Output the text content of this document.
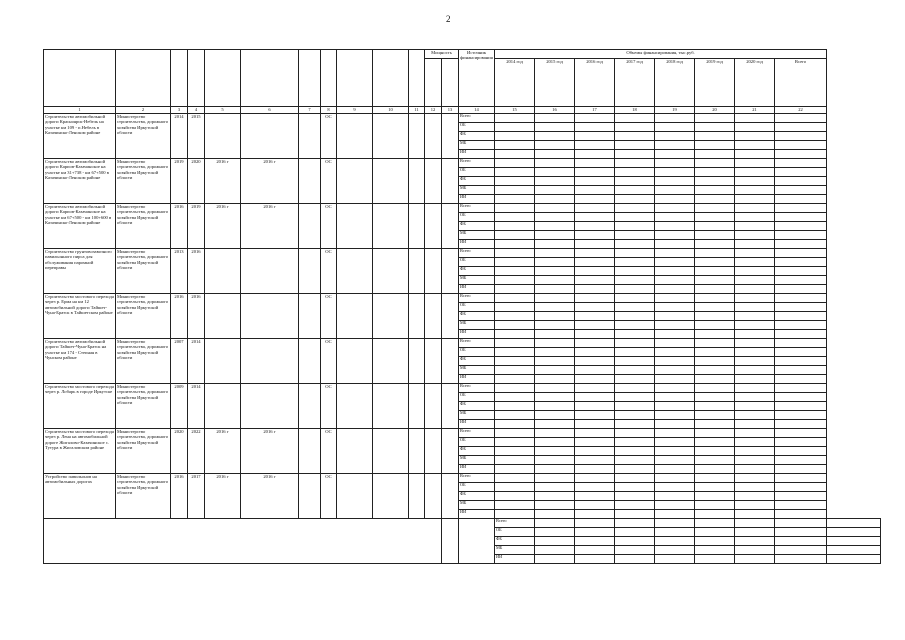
2
											Мощность		Источник финансирования	Объемы финансирования, тыс.руб.								
														2014 год	2015 год	2016 год	2017 год	2018 год	2019 год	2020 год	Всего	
1	2	3	4	5	6	7	8	9	10	11	12	13	14	15	16	17	18	19	20	21	22	
Строительство автомобильной дороги Красноярск-Небель на участке км 109 - п.Небель в Казачинско-Ленском районе	Министерство строительства, дорожного хозяйства Иркутской области	2014	2015				ОС						Всего									
													ОБ									
													ФБ									
													МБ									
													ИИ									
Строительство автомобильной дороги Карпов-Казачинское на участке км 31+738 - км 67+500 в Казачинско-Ленском районе	Министерство строительства, дорожного хозяйства Иркутской области	2019	2020	2016 г	2016 г		ОС						Всего									
													ОБ									
													ФБ									
													МБ									
													ИИ									
Строительство автомобильной дороги Карпов-Казачинское на участке км 67+500 - км 100+600 в Казачинско-Ленском районе	Министерство строительства, дорожного хозяйства Иркутской области	2016	2019	2016 г	2016 г		ОС						Всего									
													ОБ									
													ФБ									
													МБ									
													ИИ									
Строительство грунтовозавозного павильонного пирса для обслуживания паромной переправы	Министерство строительства, дорожного хозяйства Иркутской области	2013	2016				ОС						Всего									
													ОБ									
													ФБ									
													МБ									
													ИИ									
Строительство мостового перехода через р. Ерма на км 12 автомобильной дороги Тайшет-Чуна-Братск в Тайшетском районе	Министерство строительства, дорожного хозяйства Иркутской области	2016	2016				ОС						Всего									
													ОБ									
													ФБ									
													МБ									
													ИИ									
Строительство автомобильной дороги Тайшет-Чуна-Братск на участке км 174 - Степная в Чунском районе	Министерство строительства, дорожного хозяйства Иркутской области	2007	2014				ОС						Всего									
													ОБ									
													ФБ									
													МБ									
													ИИ									
Строительство мостового перехода через р. Лобарь в городе Иркутске	Министерство строительства, дорожного хозяйства Иркутской области	2009	2014				ОС						Всего									
													ОБ									
													ФБ									
													МБ									
													ИИ									
Строительство мостового перехода через р. Лена на автомобильной дороге Жигалово-Казачинское с. Тутура в Жигаловском районе	Министерство строительства, дорожного хозяйства Иркутской области	2020	2022	2016 г	2016 г		ОС						Всего									
													ОБ									
													ФБ									
													МБ									
													ИИ									
Устройство павильонов на автомобильных дорогах	Министерство строительства, дорожного хозяйства Иркутской области	2016	2017	2016 г	2016 г		ОС						Всего									
													ОБ									
													ФБ									
													МБ									
													ИИ									
														Всего								
														ОБ								
														ФБ								
														МБ								
														ИИ								
